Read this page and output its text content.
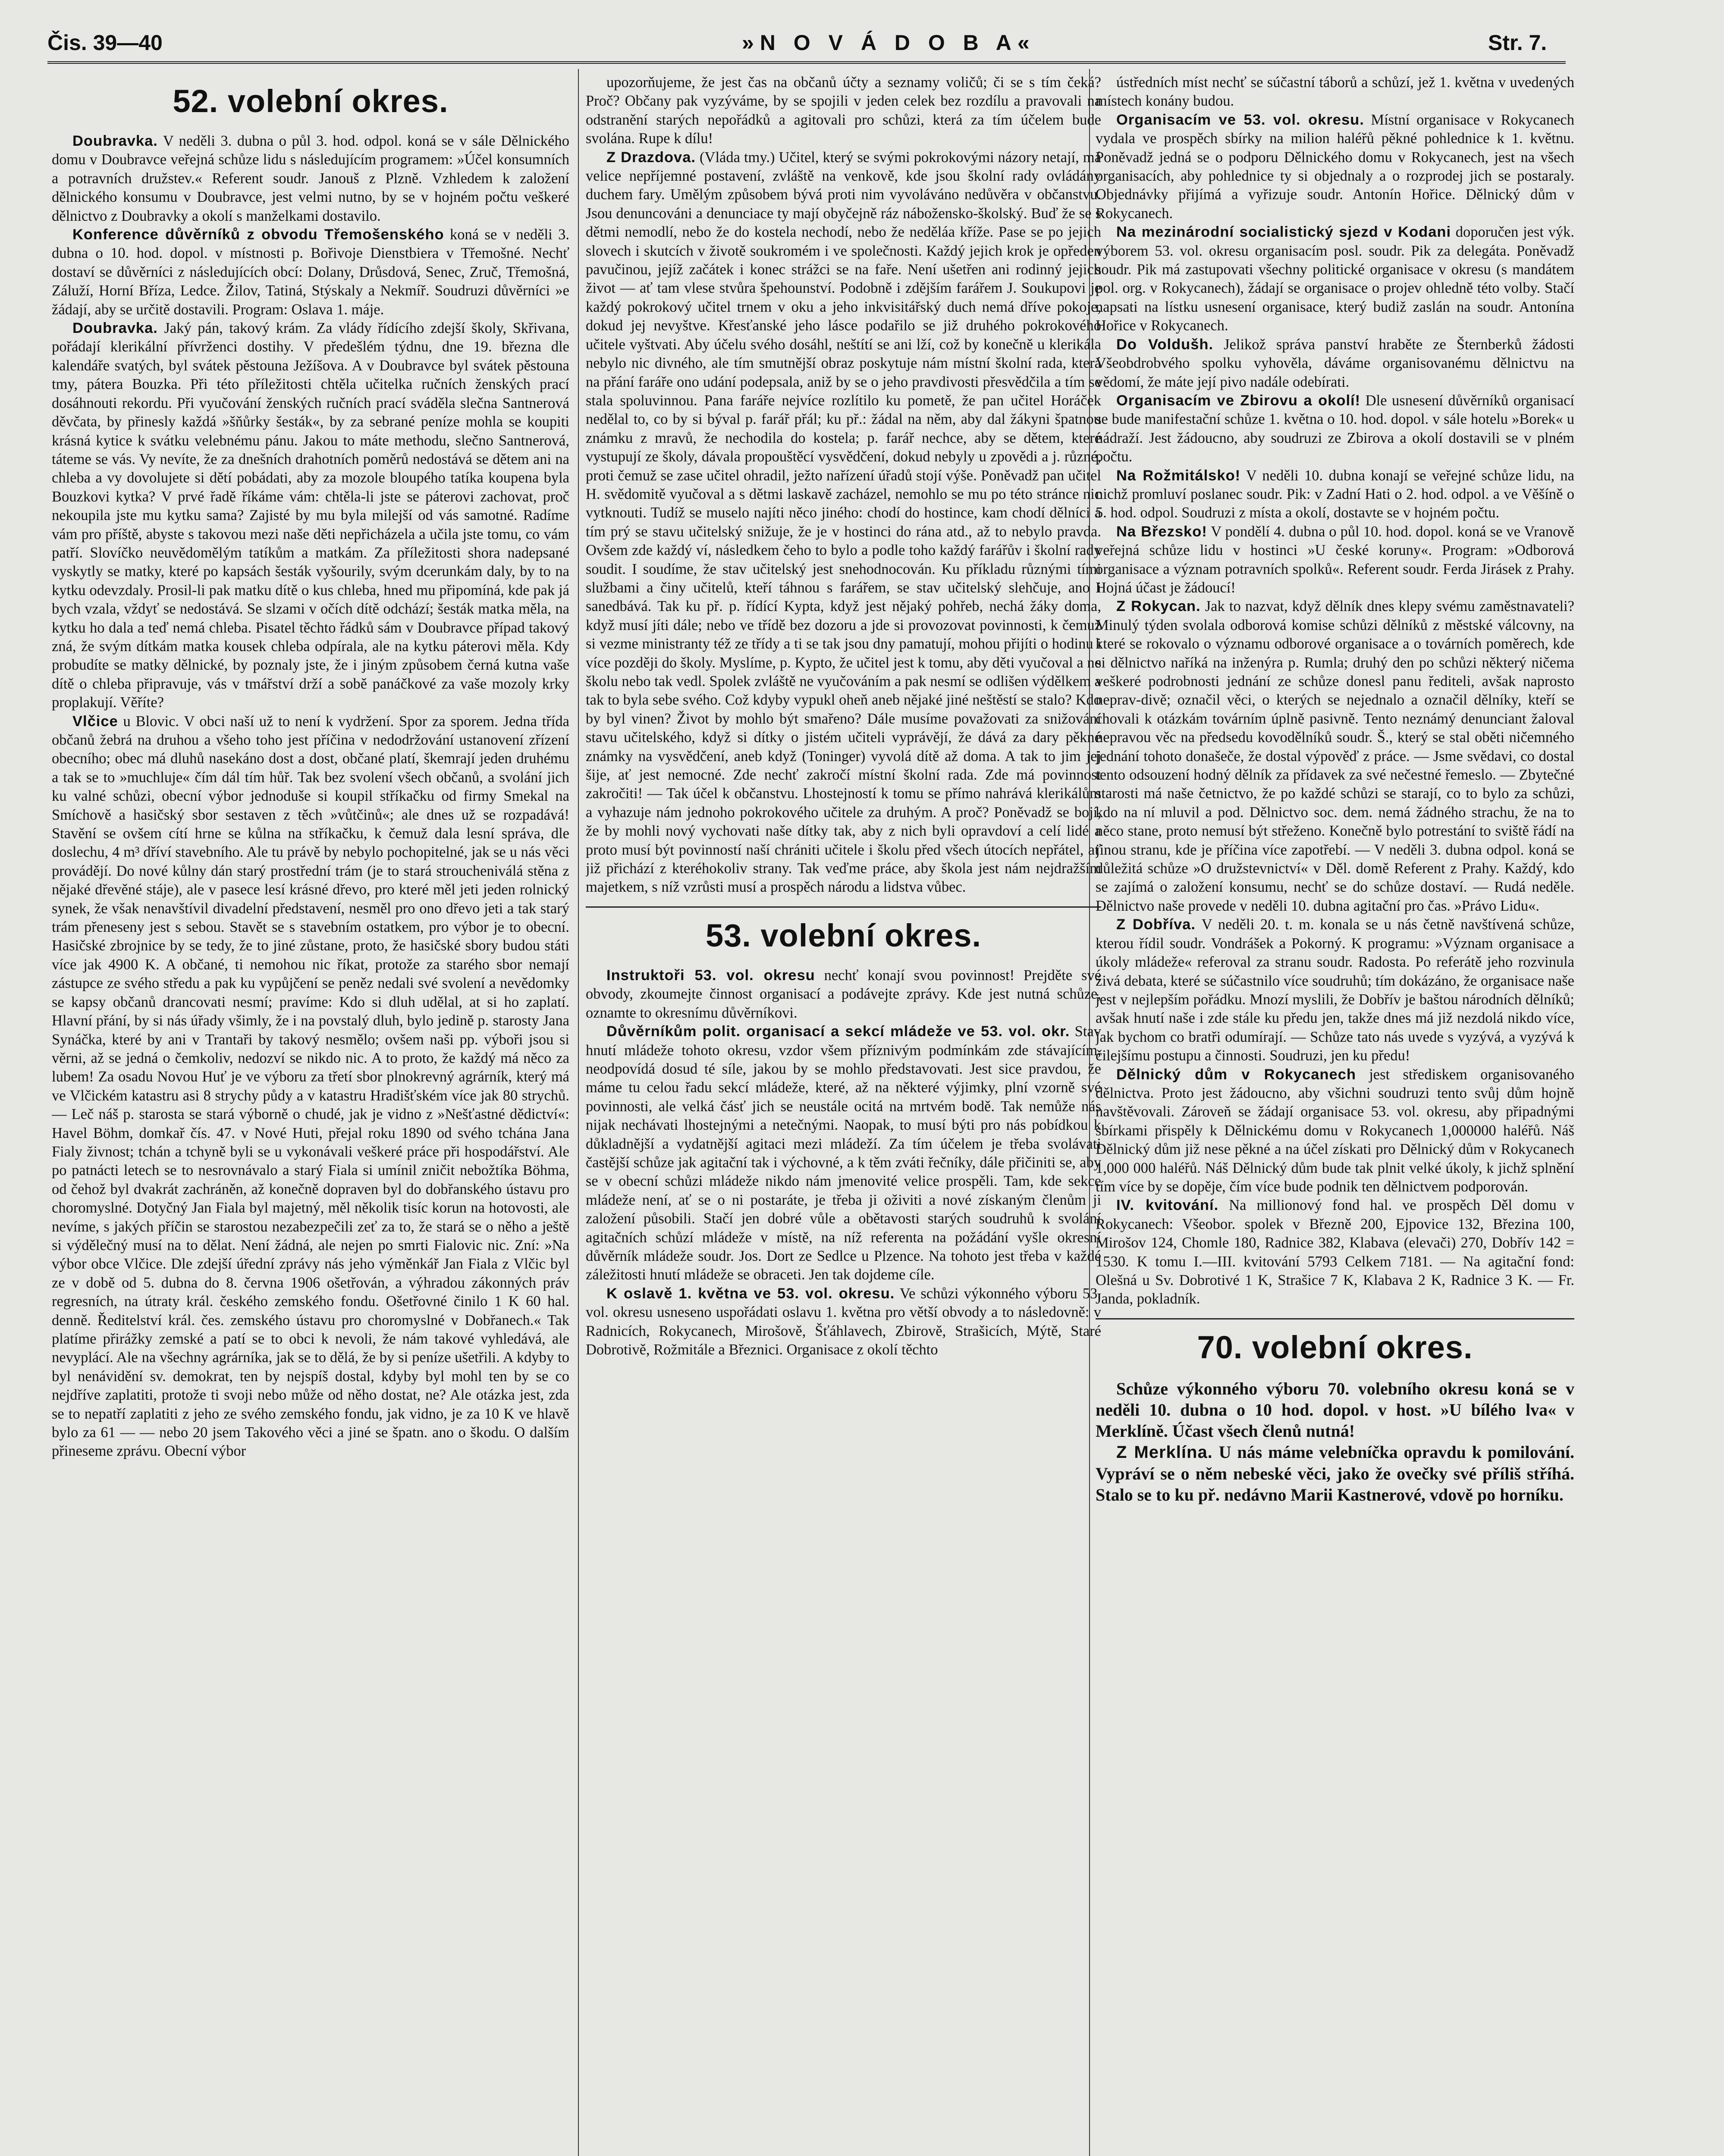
Čis. 39—40	»N O V Á D O B A«	Str. 7.
52. volební okres.

Doubravka. V neděli 3. dubna o půl 3. hod. odpol. koná se v sále Dělnického domu v Doubravce veřejná schůze lidu s následujícím programem: »Účel konsumních a potravních družstev.« Referent soudr. Janouš z Plzně. Vzhledem k založení dělnického konsumu v Doubravce, jest velmi nutno, by se v hojném počtu veškeré dělnictvo z Doubravky a okolí s manželkami dostavilo.

Konference důvěrníků z obvodu Třemošenského koná se v neděli 3. dubna o 10. hod. dopol. v místnosti p. Bořivoje Dienstbiera v Třemošné. Nechť dostaví se důvěrníci z následujících obcí: Dolany, Drůsdová, Senec, Zruč, Třemošná, Záluží, Horní Bříza, Ledce. Žilov, Tatiná, Stýskaly a Nekmíř. Soudruzi důvěrníci »e žádají, aby se určitě dostavili. Program: Oslava 1. máje.

Doubravka. Jaký pán, takový krám. Za vlády řídícího zdejší školy, Skřivana, pořádají klerikální přívrženci dostihy. V předešlém týdnu, dne 19. března dle kalendáře svatých, byl svátek pěstouna Ježíšova. A v Doubravce byl svátek pěstouna tmy, pátera Bouzka. Při této příležitosti chtěla učitelka ručních ženských prací dosáhnouti rekordu. Při vyučování ženských ručních prací sváděla slečna Santnerová děvčata, by přinesly každá »šňůrky šesták«, by za sebrané peníze mohla se koupiti krásná kytice k svátku velebnému pánu. Jakou to máte methodu, slečno Santnerová, táteme se vás. Vy nevíte, že za dnešních drahotních poměrů nedostává se dětem ani na chleba a vy dovolujete si dětí pobádati, aby za mozole bloupého tatíka koupena byla Bouzkovi kytka? V prvé řadě říkáme vám: chtěla-li jste se páterovi zachovat, proč nekoupila jste mu kytku sama? Zajisté by mu byla milejší od vás samotné. Radíme vám pro příště, abyste s takovou mezi naše děti nepřicházela a učila jste tomu, co vám patří. Slovíčko neuvědomělým tatíkům a matkám. Za příležitosti shora nadepsané vyskytly se matky, které po kapsách šesták vyšourily, svým dcerunkám daly, by to na kytku odevzdaly. Prosil-li pak matku dítě o kus chleba, hned mu připomíná, kde pak já bych vzala, vždyť se nedostává. Se slzami v očích dítě odchází; šesták matka měla, na kytku ho dala a teď nemá chleba. Pisatel těchto řádků sám v Doubravce případ takový zná, že svým dítkám matka kousek chleba odpírala, ale na kytku páterovi měla. Kdy probudíte se matky dělnické, by poznaly jste, že i jiným způsobem černá kutna vaše dítě o chleba připravuje, vás v tmářství drží a sobě panáčkové za vaše mozoly krky proplakují. Věříte?

Vlčice u Blovic. V obci naší už to není k vydržení. Spor za sporem. Jedna třída občanů žebrá na druhou a všeho toho jest příčina v nedodržování ustanovení zřízení obecního; obec má dluhů nasekáno dost a dost, občané platí, škemrají jeden druhému a tak se to »muchluje« čím dál tím hůř. Tak bez svolení všech občanů, a svolání jich ku valné schůzi, obecní výbor jednoduše si koupil stříkačku od firmy Smekal na Smíchově a hasičský sbor sestaven z těch »vůtčinů«; ale dnes už se rozpadává! Stavění se ovšem cítí hrne se kůlna na stříkačku, k čemuž dala lesní správa, dle doslechu, 4 m³ dříví stavebního. Ale tu právě by nebylo pochopitelné, jak se u nás věci provádějí. Do nové kůlny dán starý prostřední trám (je to stará stroucheniválá stěna z nějaké dřevěné stáje), ale v pasece lesí krásné dřevo, pro které měl jeti jeden rolnický synek, že však nenavštívil divadelní představení, nesměl pro ono dřevo jeti a tak starý trám přeneseny jest s sebou. Stavět se s stavebním ostatkem, pro výbor je to obecní. Hasičské zbrojnice by se tedy, že to jiné zůstane, proto, že hasičské sbory budou státi více jak 4900 K. A občané, ti nemohou nic říkat, protože za starého sbor nemají zástupce ze svého středu a pak ku vypůjčení se peněz nedali své svolení a nevědomky se kapsy občanů drancovati nesmí; pravíme: Kdo si dluh udělal, at si ho zaplatí. Hlavní přání, by si nás úřady všimly, že i na povstalý dluh, bylo jedině p. starosty Jana Synáčka, které by ani v Trantaři by takový nesmělo; ovšem naši pp. výboři jsou si věrni, až se jedná o čemkoliv, nedozví se nikdo nic. A to proto, že každý má něco za lubem! Za osadu Novou Huť je ve výboru za třetí sbor plnokrevný agrárník, který má ve Vlčickém katastru asi 8 strychy půdy a v katastru Hradišťském více jak 80 strychů. — Leč náš p. starosta se stará výborně o chudé, jak je vidno z »Nešťastné dědictví«: Havel Böhm, domkař čís. 47. v Nové Huti, přejal roku 1890 od svého tchána Jana Fialy živnost; tchán a tchyně byli se u vykonávali veškeré práce při hospodářství. Ale po patnácti letech se to nesrovnávalo a starý Fiala si umínil zničit nebožtíka Böhma, od čehož byl dvakrát zachráněn, až konečně dopraven byl do dobřanského ústavu pro choromyslné. Dotyčný Jan Fiala byl majetný, měl několik tisíc korun na hotovosti, ale nevíme, s jakých příčin se starostou nezabezpečili zeť za to, že stará se o něho a ještě si výdělečný musí na to dělat. Není žádná, ale nejen po smrti Fialovic nic. Zní: »Na výbor obce Vlčice. Dle zdejší úřední zprávy nás jeho výměnkář Jan Fiala z Vlčic byl ze v době od 5. dubna do 8. června 1906 ošetřován, a výhradou zákonných práv regresních, na útraty král. českého zemského fondu. Ošetřovné činilo 1 K 60 hal. denně. Ředitelství král. čes. zemského ústavu pro choromyslné v Dobřanech.« Tak platíme přirážky zemské a patí se to obci k nevoli, že nám takové vyhledává, ale nevyplácí. Ale na všechny agrárníka, jak se to dělá, že by si peníze ušetřili. A kdyby to byl nenávidění sv. demokrat, ten by nejspíš dostal, kdyby byl mohl ten by se co nejdříve zaplatiti, protože ti svoji nebo může od něho dostat, ne? Ale otázka jest, zda se to nepatří zaplatiti z jeho ze svého zemského fondu, jak vidno, je za 10 K ve hlavě bylo za 61 — — nebo 20 jsem Takového věci a jiné se špatn. ano o škodu. O dalším přineseme zprávu. Obecní výbor

upozorňujeme, že jest čas na občanů účty a seznamy voličů; či se s tím čeká? Proč? Občany pak vyzýváme, by se spojili v jeden celek bez rozdílu a pravovali na odstranění starých nepořádků a agitovali pro schůzi, která za tím účelem bude svolána. Rupe k dílu!

Z Drazdova. (Vláda tmy.) Učitel, který se svými pokrokovými názory netají, má velice nepříjemné postavení, zvláště na venkově, kde jsou školní rady ovládány duchem fary. Umělým způsobem bývá proti nim vyvoláváno nedůvěra v občanstvu. Jsou denuncováni a denunciace ty mají obyčejně ráz nábožensko-školský. Buď že se s dětmi nemodlí, nebo že do kostela nechodí, nebo že neděláa kříže. Pase se po jejich slovech i skutcích v životě soukromém i ve společnosti. Každý jejich krok je opředen pavučinou, jejíž začátek i konec strážci se na faře. Není ušetřen ani rodinný jejich život — ať tam vlese stvůra špehounství. Podobně i zdějším farářem J. Soukupovi je každý pokrokový učitel trnem v oku a jeho inkvisitářský duch nemá dříve pokoje, dokud jej nevyštve. Křesťanské jeho lásce podařilo se již druhého pokrokového učitele vyštvati. Aby účelu svého dosáhl, neštítí se ani lží, což by konečně u klerikála nebylo nic divného, ale tím smutnější obraz poskytuje nám místní školní rada, která na přání faráře ono udání podepsala, aniž by se o jeho pravdivosti přesvědčila a tím se stala spoluvinnou. Pana faráře nejvíce rozlítilo ku pometě, že pan učitel Horáček nedělal to, co by si býval p. farář přál; ku př.: žádal na něm, aby dal žákyni špatnou známku z mravů, že nechodila do kostela; p. farář nechce, aby se dětem, které vystupují ze školy, dávala propouštěcí vysvědčení, dokud nebyly u zpovědi a j. různé, proti čemuž se zase učitel ohradil, ježto nařízení úřadů stojí výše. Poněvadž pan učitel H. svědomitě vyučoval a s dětmi laskavě zacházel, nemohlo se mu po této stránce nic vytknouti. Tudíž se muselo najíti něco jiného: chodí do hostince, kam chodí dělníci a tím prý se stavu učitelský snižuje, že je v hostinci do rána atd., až to nebylo pravda. Ovšem zde každý ví, následkem čeho to bylo a podle toho každý farářův i školní rady soudit. I soudíme, že stav učitelský jest snehodnocován. Ku příkladu různými tími službami a činy učitelů, kteří táhnou s farářem, se stav učitelský slehčuje, ano i sanedbává. Tak ku př. p. řídící Kypta, když jest nějaký pohřeb, nechá žáky doma, když musí jíti dále; nebo ve třídě bez dozoru a jde si provozovat povinnosti, k čemuž si vezme ministranty též ze třídy a ti se tak jsou dny pamatují, mohou přijíti o hodinu i více později do školy. Myslíme, p. Kypto, že učitel jest k tomu, aby děti vyučoval a ne školu nebo tak vedl. Spolek zvláště ne vyučováním a pak nesmí se odlišen výdělkem a tak to byla sebe svého. Což kdyby vypukl oheň aneb nějaké jiné neštěstí se stalo? Kdo by byl vinen? Život by mohlo být smařeno? Dále musíme považovati za snižování stavu učitelského, když si dítky o jistém učiteli vyprávějí, že dává za dary pěkné známky na vysvědčení, aneb když (Toninger) vyvolá dítě až doma. A tak to jim jej šije, ať jest nemocné. Zde nechť zakročí místní školní rada. Zde má povinnost zakročiti! — Tak účel k občanstvu. Lhostejností k tomu se přímo nahrává klerikálům a vyhazuje nám jednoho pokrokového učitele za druhým. A proč? Poněvadž se bojí, že by mohli nový vychovati naše dítky tak, aby z nich byli opravdoví a celí lidé a proto musí být povinností naší chrániti učitele i školu před všech útocích nepřátel, ať již přichází z kteréhokoliv strany. Tak veďme práce, aby škola jest nám nejdražším majetkem, s níž vzrůsti musí a prospěch národu a lidstva vůbec.

53. volební okres.

Instruktoři 53. vol. okresu nechť konají svou povinnost! Prejděte své obvody, zkoumejte činnost organisací a podávejte zprávy. Kde jest nutná schůze, oznamte to okresnímu důvěrníkovi.

Důvěrníkům polit. organisací a sekcí mládeže ve 53. vol. okr. Stav hnutí mládeže tohoto okresu, vzdor všem příznivým podmínkám zde stávajícím, neodpovídá dosud té síle, jakou by se mohlo představovati. Jest sice pravdou, že máme tu celou řadu sekcí mládeže, které, až na některé výjimky, plní vzorně své povinnosti, ale velká čásť jich se neustále ocitá na mrtvém bodě. Tak nemůže nás nijak nechávati lhostejnými a netečnými. Naopak, to musí býti pro nás pobídkou k důkladnější a vydatnější agitaci mezi mládeží. Za tím účelem je třeba svolávati častější schůze jak agitační tak i výchovné, a k těm zváti řečníky, dále přičiniti se, aby se v obecní schůzi mládeže nikdo nám jmenovité velice prospěli. Tam, kde sekce mládeže není, ať se o ni postaráte, je třeba ji oživiti a nové získaným členům ji založení působili. Stačí jen dobré vůle a obětavosti starých soudruhů k svolání agitačních schůzí mládeže v místě, na níž referenta na požádání vyšle okresní důvěrník mládeže soudr. Jos. Dort ze Sedlce u Plzence. Na tohoto jest třeba v každé záležitosti hnutí mládeže se obraceti. Jen tak dojdeme cíle.

K oslavě 1. května ve 53. vol. okresu. Ve schůzi výkonného výboru 53. vol. okresu usneseno uspořádati oslavu 1. května pro větší obvody a to následovně: v Radnicích, Rokycanech, Mirošově, Šťáhlavech, Zbirově, Strašicích, Mýtě, Staré Dobrotivě, Rožmitále a Březnici. Organisace z okolí těchto

ústředních míst nechť se súčastní táborů a schůzí, jež 1. května v uvedených místech konány budou.

Organisacím ve 53. vol. okresu. Místní organisace v Rokycanech vydala ve prospěch sbírky na milion haléřů pěkné pohlednice k 1. květnu. Poněvadž jedná se o podporu Dělnického domu v Rokycanech, jest na všech organisacích, aby pohlednice ty si objednaly a o rozprodej jich se postaraly. Objednávky přijímá a vyřizuje soudr. Antonín Hořice. Dělnický dům v Rokycanech.

Na mezinárodní socialistický sjezd v Kodani doporučen jest výk. výborem 53. vol. okresu organisacím posl. soudr. Pik za delegáta. Poněvadž soudr. Pik má zastupovati všechny politické organisace v okresu (s mandátem pol. org. v Rokycanech), žádají se organisace o projev ohledně této volby. Stačí napsati na lístku usnesení organisace, který budiž zaslán na soudr. Antonína Hořice v Rokycanech.

Do Voldušh. Jelikož správa panství hraběte ze Šternberků žádosti Všeobdrobvého spolku vyhověla, dáváme organisovanému dělnictvu na vědomí, že máte její pivo nadále odebírati.

Organisacím ve Zbirovu a okolí! Dle usnesení důvěrníků organisací se bude manifestační schůze 1. května o 10. hod. dopol. v sále hotelu »Borek« u nádraží. Jest žádoucno, aby soudruzi ze Zbirova a okolí dostavili se v plném počtu.

Na Rožmitálsko! V neděli 10. dubna konají se veřejné schůze lidu, na nichž promluví poslanec soudr. Pik: v Zadní Hati o 2. hod. odpol. a ve Věšíně o 5. hod. odpol. Soudruzi z místa a okolí, dostavte se v hojném počtu.

Na Březsko! V pondělí 4. dubna o půl 10. hod. dopol. koná se ve Vranově veřejná schůze lidu v hostinci »U české koruny«. Program: »Odborová organisace a význam potravních spolků«. Referent soudr. Ferda Jirásek z Prahy. Hojná účast je žádoucí!

Z Rokycan. Jak to nazvat, když dělník dnes klepy svému zaměstnavateli? Minulý týden svolala odborová komise schůzi dělníků z městské válcovny, na které se rokovalo o významu odborové organisace a o továrních poměrech, kde si dělnictvo naříká na inženýra p. Rumla; druhý den po schůzi některý ničema veškeré podrobnosti jednání ze schůze donesl panu řediteli, avšak naprosto neprav-divě; označil věci, o kterých se nejednalo a označil dělníky, kteří se chovali k otázkám továrním úplně pasivně. Tento neznámý denunciant žaloval nepravou věc na předsedu kovodělníků soudr. Š., který se stal oběti ničemného jednání tohoto donašeče, že dostal výpověď z práce. — Jsme svědavi, co dostal tento odsouzení hodný dělník za přídavek za své nečestné řemeslo. — Zbytečné starosti má naše četnictvo, že po každé schůzi se starají, co to bylo za schůzi, kdo na ní mluvil a pod. Dělnictvo soc. dem. nemá žádného strachu, že na to něco stane, proto nemusí být střeženo. Konečně bylo potrestání to sviště řádí na jinou stranu, kde je příčina více zapotřebí. — V neděli 3. dubna odpol. koná se důležitá schůze »O družstevnictví« v Děl. domě Referent z Prahy. Každý, kdo se zajímá o založení konsumu, nechť se do schůze dostaví. — Rudá neděle. Dělnictvo naše provede v neděli 10. dubna agitační pro čas. »Právo Lidu«.

Z Dobřívа. V neděli 20. t. m. konala se u nás četně navštívená schůze, kterou řídil soudr. Vondrášek a Pokorný. K programu: »Význam organisace a úkoly mládeže« referoval za stranu soudr. Radosta. Po referátě jeho rozvinula živá debata, které se súčastnilo více soudruhů; tím dokázáno, že organisace naše jest v nejlepším pořádku. Mnozí myslili, že Dobřív je baštou národních dělníků; avšak hnutí naše i zde stále ku předu jen, takže dnes má již nezdolá nikdo více, jak bychom co bratři odumírají. — Schůze tato nás uvede s vyzývá, a vyzývá k čilejšímu postupu a činnosti. Soudruzi, jen ku předu!

Dělnický dům v Rokycanech jest střediskem organisovaného dělnictva. Proto jest žádoucno, aby všichni soudruzi tento svůj dům hojně navštěvovali. Zároveň se žádají organisace 53. vol. okresu, aby připadnými sbírkami přispěly k Dělnickému domu v Rokycanech 1,000000 haléřů. Náš Dělnický dům již nese pěkné a na účel získati pro Dělnický dům v Rokycanech 1,000 000 haléřů. Náš Dělnický dům bude tak plnit velké úkoly, k jichž splnění tím více by se dopěje, čím více bude podnik ten dělnictvem podporován.

IV. kvitování. Na millionový fond hal. ve prospěch Děl domu v Rokycanech: Všeobor. spolek v Březně 200, Ejpovice 132, Březina 100, Mirošov 124, Chomle 180, Radnice 382, Klabava (elevači) 270, Dobřív 142 = 1530. K tomu I.—III. kvitování 5793 Celkem 7181. — Na agitační fond: Olešná u Sv. Dobrotivé 1 K, Strašice 7 K, Klabava 2 K, Radnice 3 K. — Fr. Janda, pokladník.

70. volební okres.

Schůze výkonného výboru 70. volebního okresu koná se v neděli 10. dubna o 10 hod. dopol. v host. »U bílého lva« v Merklíně. Účast všech členů nutná!

Z Merklína. U nás máme velebníčka opravdu k pomilování. Vypráví se o něm nebeské věci, jako že ovečky své příliš stříhá. Stalo se to ku př. nedávno Marii Kastnerové, vdově po horníku.
